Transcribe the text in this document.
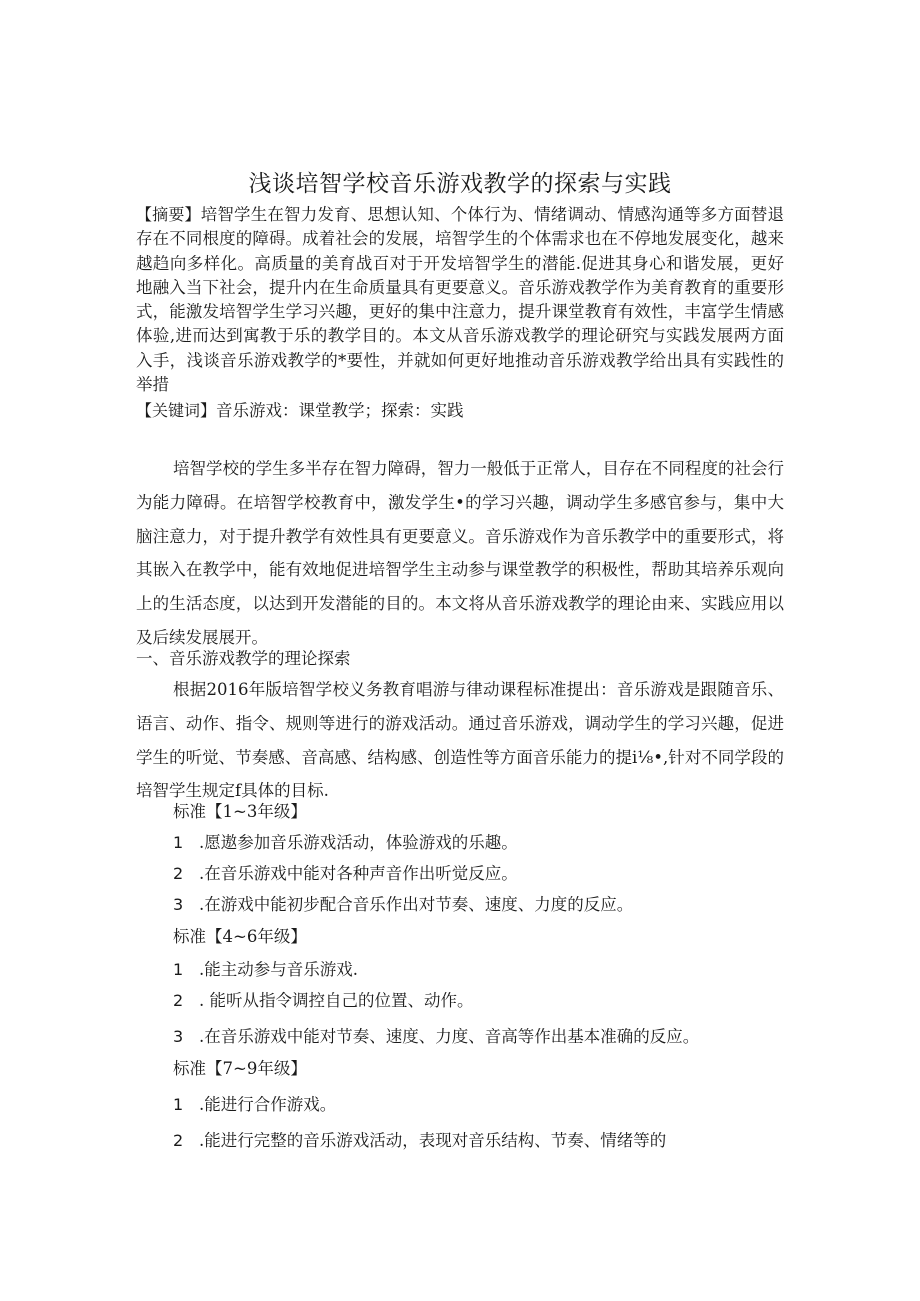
浅谈培智学校音乐游戏教学的探索与实践

【摘要】培智学生在智力发育、思想认知、个体行为、情绪调动、情感沟通等多方面替退存在不同根度的障碍。成着社会的发展，培智学生的个体需求也在不停地发展变化，越来越趋向多样化。高质量的美育战百对于开发培智学生的潜能.促进其身心和谐发展，更好地融入当下社会，提升内在生命质量具有更要意义。音乐游戏教学作为美育教育的重要形式，能激发培智学生学习兴趣，更好的集中注意力，提升课堂教育有效性，丰富学生情感体验,进而达到寓教于乐的教学目的。本文从音乐游戏教学的理论研究与实践发展两方面入手，浅谈音乐游戏教学的*要性，并就如何更好地推动音乐游戏教学给出具有实践性的举措

【关键词】音乐游戏：课堂教学；探索：实践

培智学校的学生多半存在智力障碍，智力一般低于正常人，目存在不同程度的社会行为能力障碍。在培智学校教育中，激发学生•的学习兴趣，调动学生多感官参与，集中大脑注意力，对于提升教学有效性具有更要意义。音乐游戏作为音乐教学中的重要形式，将其嵌入在教学中，能有效地促进培智学生主动参与课堂教学的积极性，帮助其培养乐观向上的生活态度，以达到开发潜能的目的。本文将从音乐游戏教学的理论由来、实践应用以及后续发展展开。

一、音乐游戏教学的理论探索

根据2016年版培智学校义务教育唱游与律动课程标准提出：音乐游戏是跟随音乐、语言、动作、指令、规则等进行的游戏活动。通过音乐游戏，调动学生的学习兴趣，促进学生的听觉、节奏感、音高感、结构感、创造性等方面音乐能力的提i⅛•,针对不同学段的培智学生规定f具体的目标.

标准【1~3年级】

1 .愿遨参加音乐游戏活动，体验游戏的乐趣。

2 .在音乐游戏中能对各种声音作出听觉反应。

3 .在游戏中能初步配合音乐作出对节奏、速度、力度的反应。

标准【4~6年级】

1 .能主动参与音乐游戏.

2 . 能听从指令调控自己的位置、动作。

3 .在音乐游戏中能对节奏、速度、力度、音高等作出基本准确的反应。

标准【7~9年级】

1 .能进行合作游戏。

2 .能进行完整的音乐游戏活动，表现对音乐结构、节奏、情绪等的
